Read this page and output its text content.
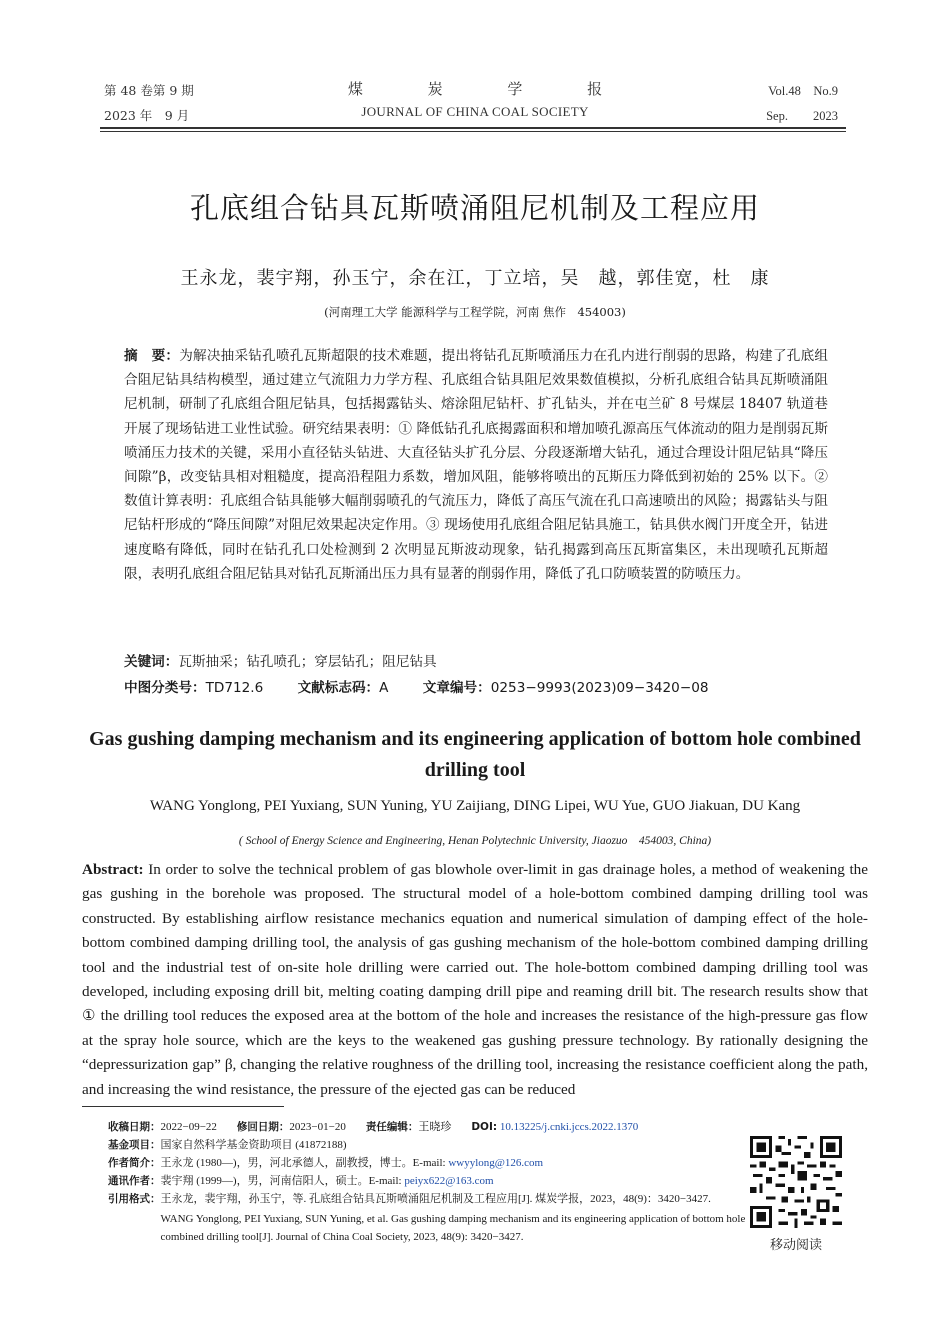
第 48 卷第 9 期
2023 年　9 月
煤 炭 学 报
JOURNAL OF CHINA COAL SOCIETY
Vol.48　No.9
Sep.　　2023
孔底组合钻具瓦斯喷涌阻尼机制及工程应用
王永龙，裴宇翔，孙玉宁，余在江，丁立培，吴　越，郭佳宽，杜　康
(河南理工大学 能源科学与工程学院，河南 焦作　454003)
摘　要：为解决抽采钻孔喷孔瓦斯超限的技术难题，提出将钻孔瓦斯喷涌压力在孔内进行削弱的思路，构建了孔底组合阻尼钻具结构模型，通过建立气流阻力力学方程、孔底组合钻具阻尼效果数值模拟，分析孔底组合钻具瓦斯喷涌阻尼机制，研制了孔底组合阻尼钻具，包括揭露钻头、熔涂阻尼钻杆、扩孔钻头，并在屯兰矿 8 号煤层 18407 轨道巷开展了现场钻进工业性试验。研究结果表明：① 降低钻孔孔底揭露面积和增加喷孔源高压气体流动的阻力是削弱瓦斯喷涌压力技术的关键，采用小直径钻头钻进、大直径钻头扩孔分层、分段逐渐增大钻孔，通过合理设计阻尼钻具“降压间隙”β，改变钻具相对粗糙度，提高沿程阻力系数，增加风阻，能够将喷出的瓦斯压力降低到初始的 25% 以下。② 数值计算表明：孔底组合钻具能够大幅削弱喷孔的气流压力，降低了高压气流在孔口高速喷出的风险；揭露钻头与阻尼钻杆形成的“降压间隙”对阻尼效果起决定作用。③ 现场使用孔底组合阻尼钻具施工，钻具供水阀门开度全开，钻进速度略有降低，同时在钻孔孔口处检测到 2 次明显瓦斯波动现象，钻孔揭露到高压瓦斯富集区，未出现喷孔瓦斯超限，表明孔底组合阻尼钻具对钻孔瓦斯涌出压力具有显著的削弱作用，降低了孔口防喷装置的防喷压力。
关键词：瓦斯抽采；钻孔喷孔；穿层钻孔；阻尼钻具
中图分类号：TD712.6	文献标志码：A	文章编号：0253−9993(2023)09−3420−08
Gas gushing damping mechanism and its engineering application of bottom hole combined drilling tool
WANG Yonglong, PEI Yuxiang, SUN Yuning, YU Zaijiang, DING Lipei, WU Yue, GUO Jiakuan, DU Kang
( School of Energy Science and Engineering, Henan Polytechnic University, Jiaozuo　454003, China)
Abstract: In order to solve the technical problem of gas blowhole over-limit in gas drainage holes, a method of weakening the gas gushing in the borehole was proposed. The structural model of a hole-bottom combined damping drilling tool was constructed. By establishing airflow resistance mechanics equation and numerical simulation of damping effect of the hole-bottom combined damping drilling tool, the analysis of gas gushing mechanism of the hole-bottom combined damping drilling tool and the industrial test of on-site hole drilling were carried out. The hole-bottom combined damping drilling tool was developed, including exposing drill bit, melting coating damping drill pipe and reaming drill bit. The research results show that ① the drilling tool reduces the exposed area at the bottom of the hole and increases the resistance of the high-pressure gas flow at the spray hole source, which are the keys to the weakened gas gushing pressure technology. By rationally designing the “depressurization gap” β, changing the relative roughness of the drilling tool, increasing the resistance coefficient along the path, and increasing the wind resistance, the pressure of the ejected gas can be reduced
收稿日期：2022−09−22 修回日期：2023−01−20 责任编辑：王晓珍 DOI: 10.13225/j.cnki.jccs.2022.1370
基金项目：国家自然科学基金资助项目 (41872188)
作者简介：王永龙 (1980—)，男，河北承德人，副教授，博士。E-mail: wwyylong@126.com
通讯作者：裴宇翔 (1999—)，男，河南信阳人，硕士。E-mail: peiyx622@163.com
引用格式： 王永龙，裴宇翔，孙玉宁，等. 孔底组合钻具瓦斯喷涌阻尼机制及工程应用[J]. 煤炭学报，2023，48(9)：3420−3427.
WANG Yonglong, PEI Yuxiang, SUN Yuning, et al. Gas gushing damping mechanism and its engineering application of bottom hole combined drilling tool[J]. Journal of China Coal Society, 2023, 48(9): 3420−3427.
移动阅读
